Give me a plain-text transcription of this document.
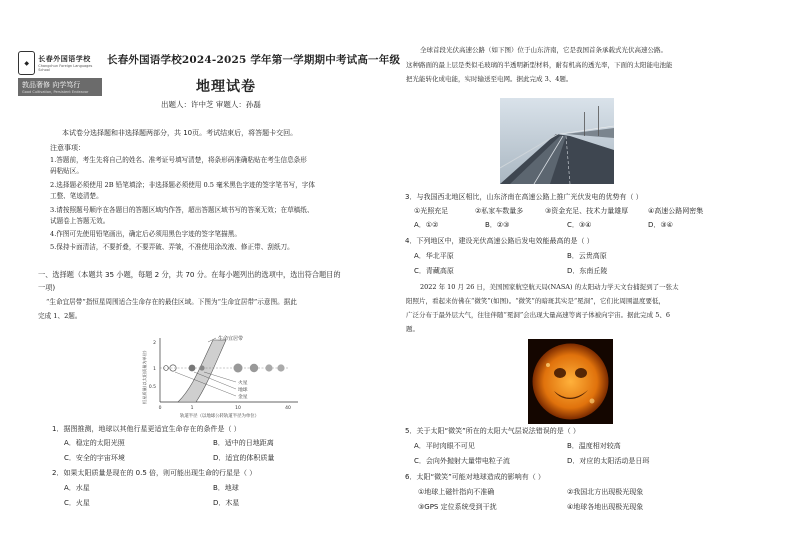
◆	长春外国语学校
Changchun Foreign Languages School
敦品奢修 向学笃行
Good Cultivation, Persistent Endeavor
长春外国语学校2024-2025 学年第一学期期中考试高一年级
地理试卷
出题人：许中芝 审题人：孙磊
本试卷分选择题和非选择题两部分，共 10页。考试结束后，将答题卡交回。
注意事项：
1.答题前，考生先将自己的姓名、准考证号填写清楚，将条形码准确粘贴在考生信息条形
码粘贴区。
2.选择题必须使用 2B 铅笔填涂；非选择题必须使用 0.5 毫米黑色字迹的签字笔书写，字体
工整、笔迹清楚。
3.请按照题号顺序在各题目的答题区域内作答，超出答题区域书写的答案无效；在草稿纸、
试题卷上答题无效。
4.作图可先使用铅笔画出，确定后必须用黑色字迹的签字笔描黑。
5.保持卡面清洁，不要折叠，不要弄破、弄皱，不准使用涂改液、修正带、刮纸刀。
一、选择题（本题共 35 小题，每题 2 分，共 70 分。在每小题列出的选项中，选出符合题目的
一项)
“生命宜居带”指恒星周围适合生命存在的最佳区域。下图为“生命宜居带”示意图。据此
完成 1、2题。
生命宜居带
2
1
0.5
恒星质量(以太阳质量为单位)	火星
地球
金星
0	1	10	40
轨道半径（以地球公转轨道半径为单位）
1．据图推测，地球以其他行星更适宜生命存在的条件是（ ）
A．稳定的太阳光照	B．适中的日地距离
C．安全的宇宙环境	D．适宜的体积质量
2．如果太阳质量是现在的 0.5 倍，则可能出现生命的行星是（ ）
A．水星	B．地球
C．火星	D．木星
全球首段光伏高速公路（如下图）位于山东济南，它是我国首条承载式光伏高速公路。
这种路面的最上层是类似毛玻璃的半透明新型材料，耐有机高的透光率，下面的太阳能电池能
把光能转化成电能，实时输送至电网。据此完成 3、4题。
3．与我国西北地区相比，山东济南在高速公路上推广光伏发电的优势有（ ）
①光照充足	②私家车数量多	③资金充足、技术力量雄厚	④高速公路网密集
A．①②	B．②③	C．③④	D．③④
4．下列地区中，建设光伏高速公路后发电效能最高的是（ ）
A．华北平原	B．云贵高原
C．青藏高原	D．东南丘陵
2022 年 10 月 26 日，美国国家航空航天局(NASA) 的太阳动力学天文台捕捉到了一张太
阳照片，看起来仿佛在“微笑”(如图)。“微笑”的暗斑其实是“冕洞”，它们比周围温度要低，
广泛分布于最外层大气，往往伴随“冕洞”会出现大量高速等离子体被向宇宙。据此完成 5、6
题。
5．关于太阳“微笑”所在的太阳大气层说法错误的是（ ）
A．平时肉眼不可见	B．温度相对较高
C．会向外抛射大量带电粒子流	D．对应的太阳活动是日珥
6．太阳“微笑”可能对地球造成的影响有（ ）
①地球上磁针指向不准确	②我国北方出现极光现象
③GPS 定位系统受到干扰	④地球各地出现极光现象
